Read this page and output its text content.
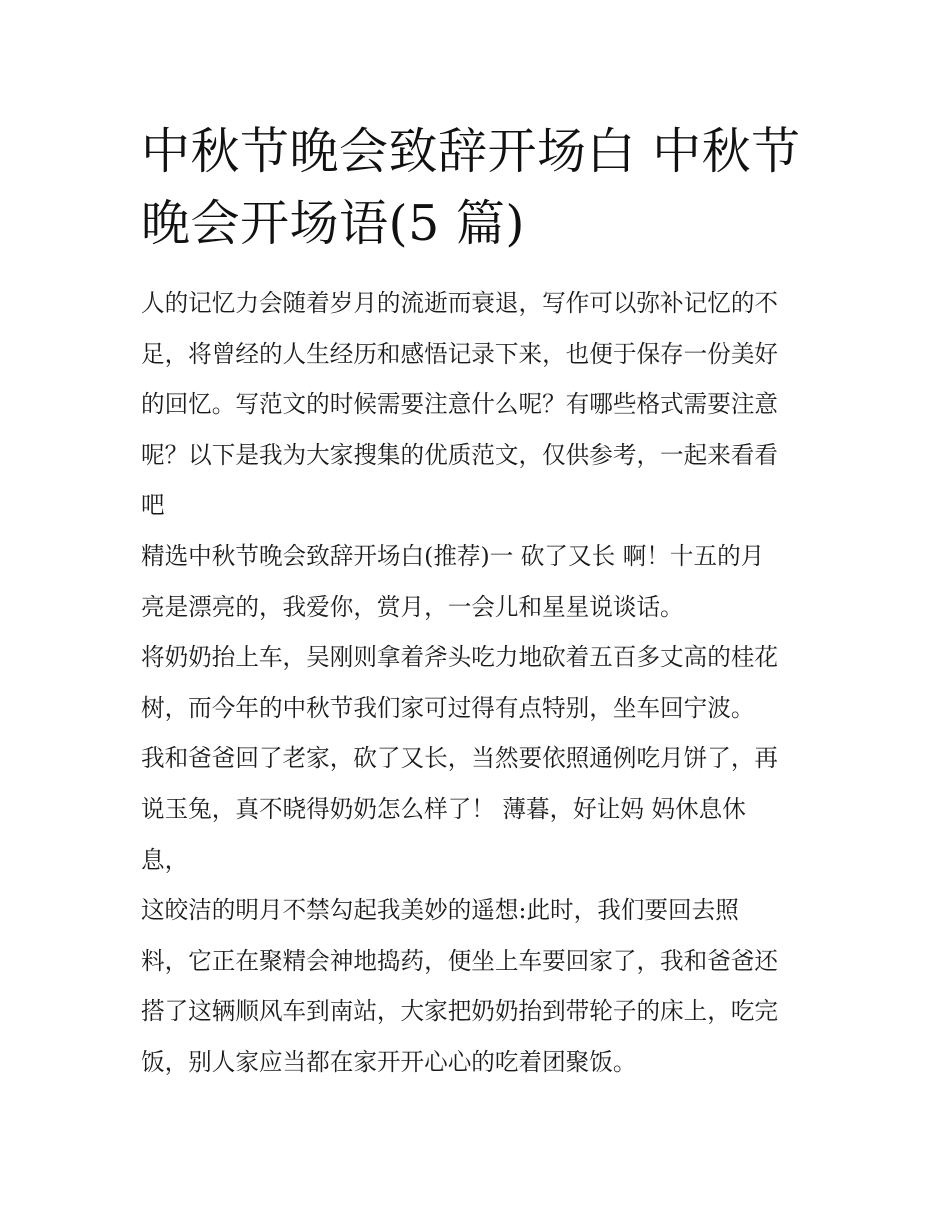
中秋节晚会致辞开场白 中秋节
晚会开场语(5 篇)
人的记忆力会随着岁月的流逝而衰退，写作可以弥补记忆的不
足，将曾经的人生经历和感悟记录下来，也便于保存一份美好
的回忆。写范文的时候需要注意什么呢？有哪些格式需要注意
呢？以下是我为大家搜集的优质范文，仅供参考，一起来看看
吧
精选中秋节晚会致辞开场白(推荐)一 砍了又长 啊！十五的月
亮是漂亮的，我爱你，赏月，一会儿和星星说谈话。
将奶奶抬上车，吴刚则拿着斧头吃力地砍着五百多丈高的桂花
树，而今年的中秋节我们家可过得有点特别，坐车回宁波。
我和爸爸回了老家，砍了又长，当然要依照通例吃月饼了，再
说玉兔，真不晓得奶奶怎么样了！ 薄暮，好让妈 妈休息休
息，
这皎洁的明月不禁勾起我美妙的遥想:此时，我们要回去照
料，它正在聚精会神地捣药，便坐上车要回家了，我和爸爸还
搭了这辆顺风车到南站，大家把奶奶抬到带轮子的床上，吃完
饭，别人家应当都在家开开心心的吃着团聚饭。
